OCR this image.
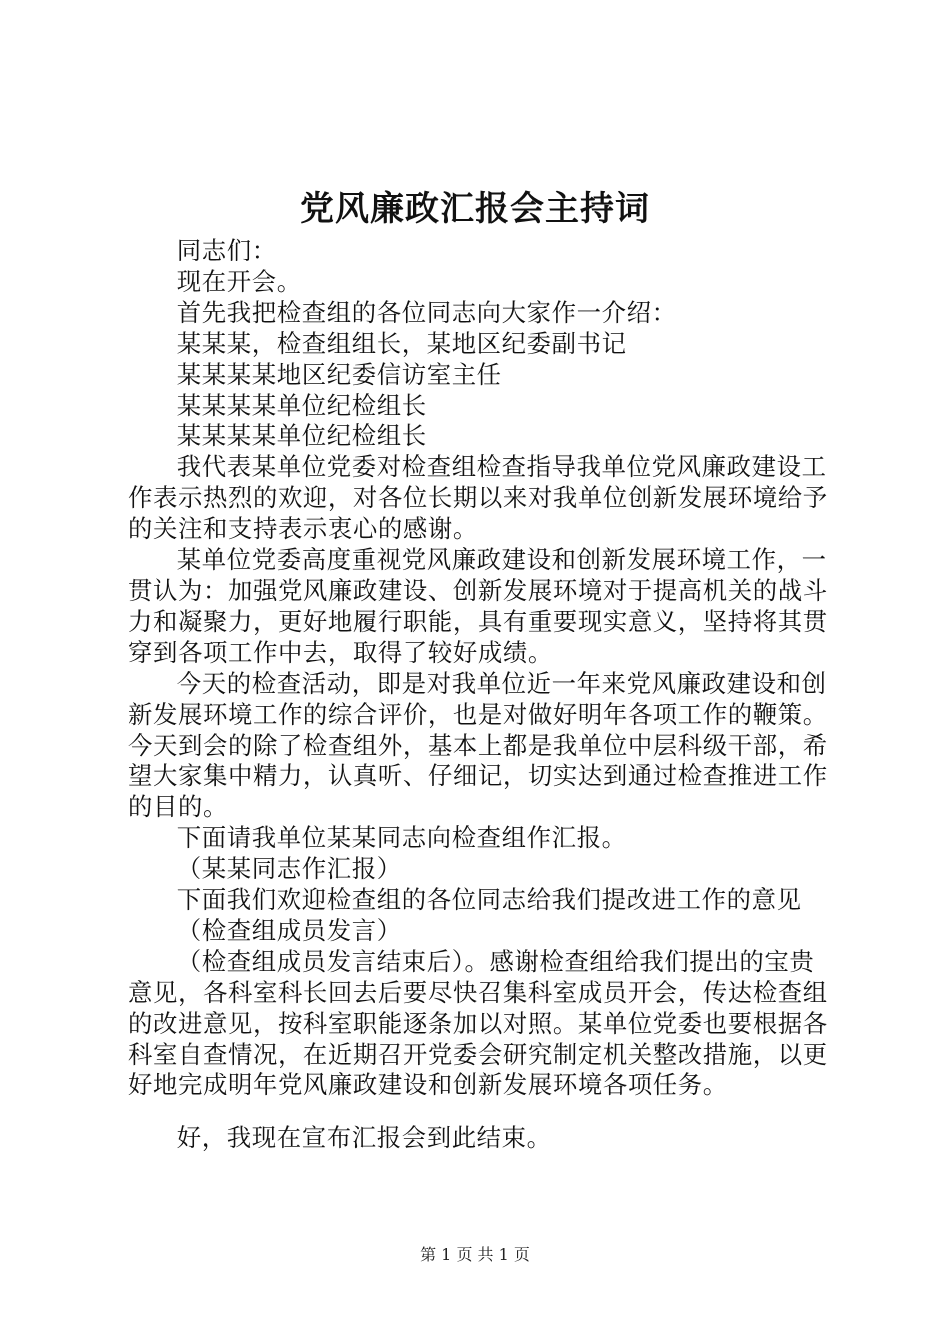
党风廉政汇报会主持词

同志们：

现在开会。

首先我把检查组的各位同志向大家作一介绍：

某某某，检查组组长，某地区纪委副书记

某某某某地区纪委信访室主任

某某某某单位纪检组长

某某某某单位纪检组长

我代表某单位党委对检查组检查指导我单位党风廉政建设工作表示热烈的欢迎，对各位长期以来对我单位创新发展环境给予的关注和支持表示衷心的感谢。

某单位党委高度重视党风廉政建设和创新发展环境工作，一贯认为：加强党风廉政建设、创新发展环境对于提高机关的战斗力和凝聚力，更好地履行职能，具有重要现实意义，坚持将其贯穿到各项工作中去，取得了较好成绩。

今天的检查活动，即是对我单位近一年来党风廉政建设和创新发展环境工作的综合评价，也是对做好明年各项工作的鞭策。今天到会的除了检查组外，基本上都是我单位中层科级干部，希望大家集中精力，认真听、仔细记，切实达到通过检查推进工作的目的。

下面请我单位某某同志向检查组作汇报。

（某某同志作汇报）

下面我们欢迎检查组的各位同志给我们提改进工作的意见

（检查组成员发言）

（检查组成员发言结束后）。感谢检查组给我们提出的宝贵意见，各科室科长回去后要尽快召集科室成员开会，传达检查组的改进意见，按科室职能逐条加以对照。某单位党委也要根据各科室自查情况，在近期召开党委会研究制定机关整改措施，以更好地完成明年党风廉政建设和创新发展环境各项任务。

好，我现在宣布汇报会到此结束。

第 1 页 共 1 页
